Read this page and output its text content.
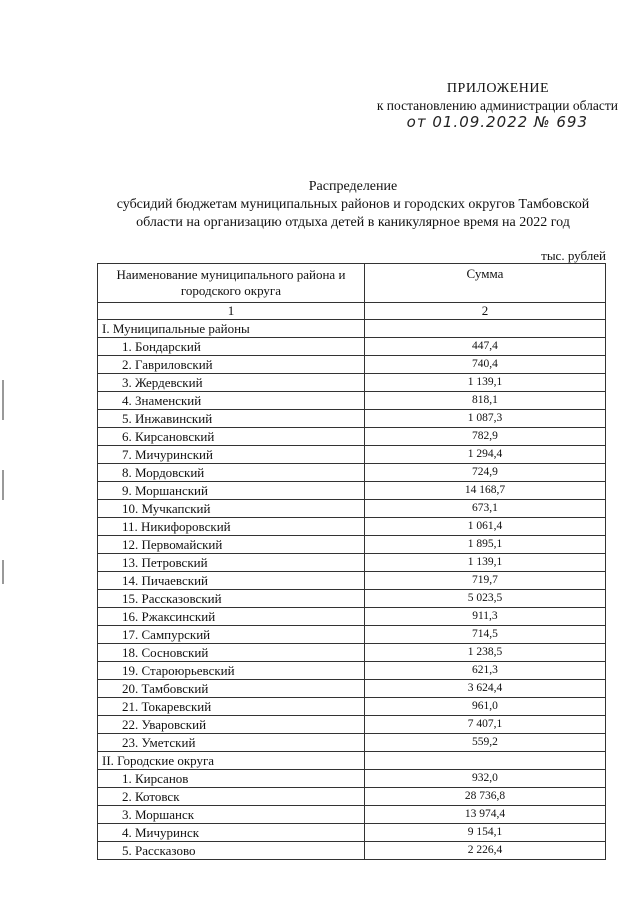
ПРИЛОЖЕНИЕ
к постановлению администрации области
от 01.09.2022 № 693
Распределение
субсидий бюджетам муниципальных районов и городских округов Тамбовской
области на организацию отдыха детей в каникулярное время на 2022 год
тыс. рублей
Наименование муниципального района и городского округа	Сумма
1	2
I. Муниципальные районы	
1. Бондарский	447,4
2. Гавриловский	740,4
3. Жердевский	1 139,1
4. Знаменский	818,1
5. Инжавинский	1 087,3
6. Кирсановский	782,9
7. Мичуринский	1 294,4
8. Мордовский	724,9
9. Моршанский	14 168,7
10. Мучкапский	673,1
11. Никифоровский	1 061,4
12. Первомайский	1 895,1
13. Петровский	1 139,1
14. Пичаевский	719,7
15. Рассказовский	5 023,5
16. Ржаксинский	911,3
17. Сампурский	714,5
18. Сосновский	1 238,5
19. Староюрьевский	621,3
20. Тамбовский	3 624,4
21. Токаревский	961,0
22. Уваровский	7 407,1
23. Уметский	559,2
II. Городские округа	
1. Кирсанов	932,0
2. Котовск	28 736,8
3. Моршанск	13 974,4
4. Мичуринск	9 154,1
5. Рассказово	2 226,4
